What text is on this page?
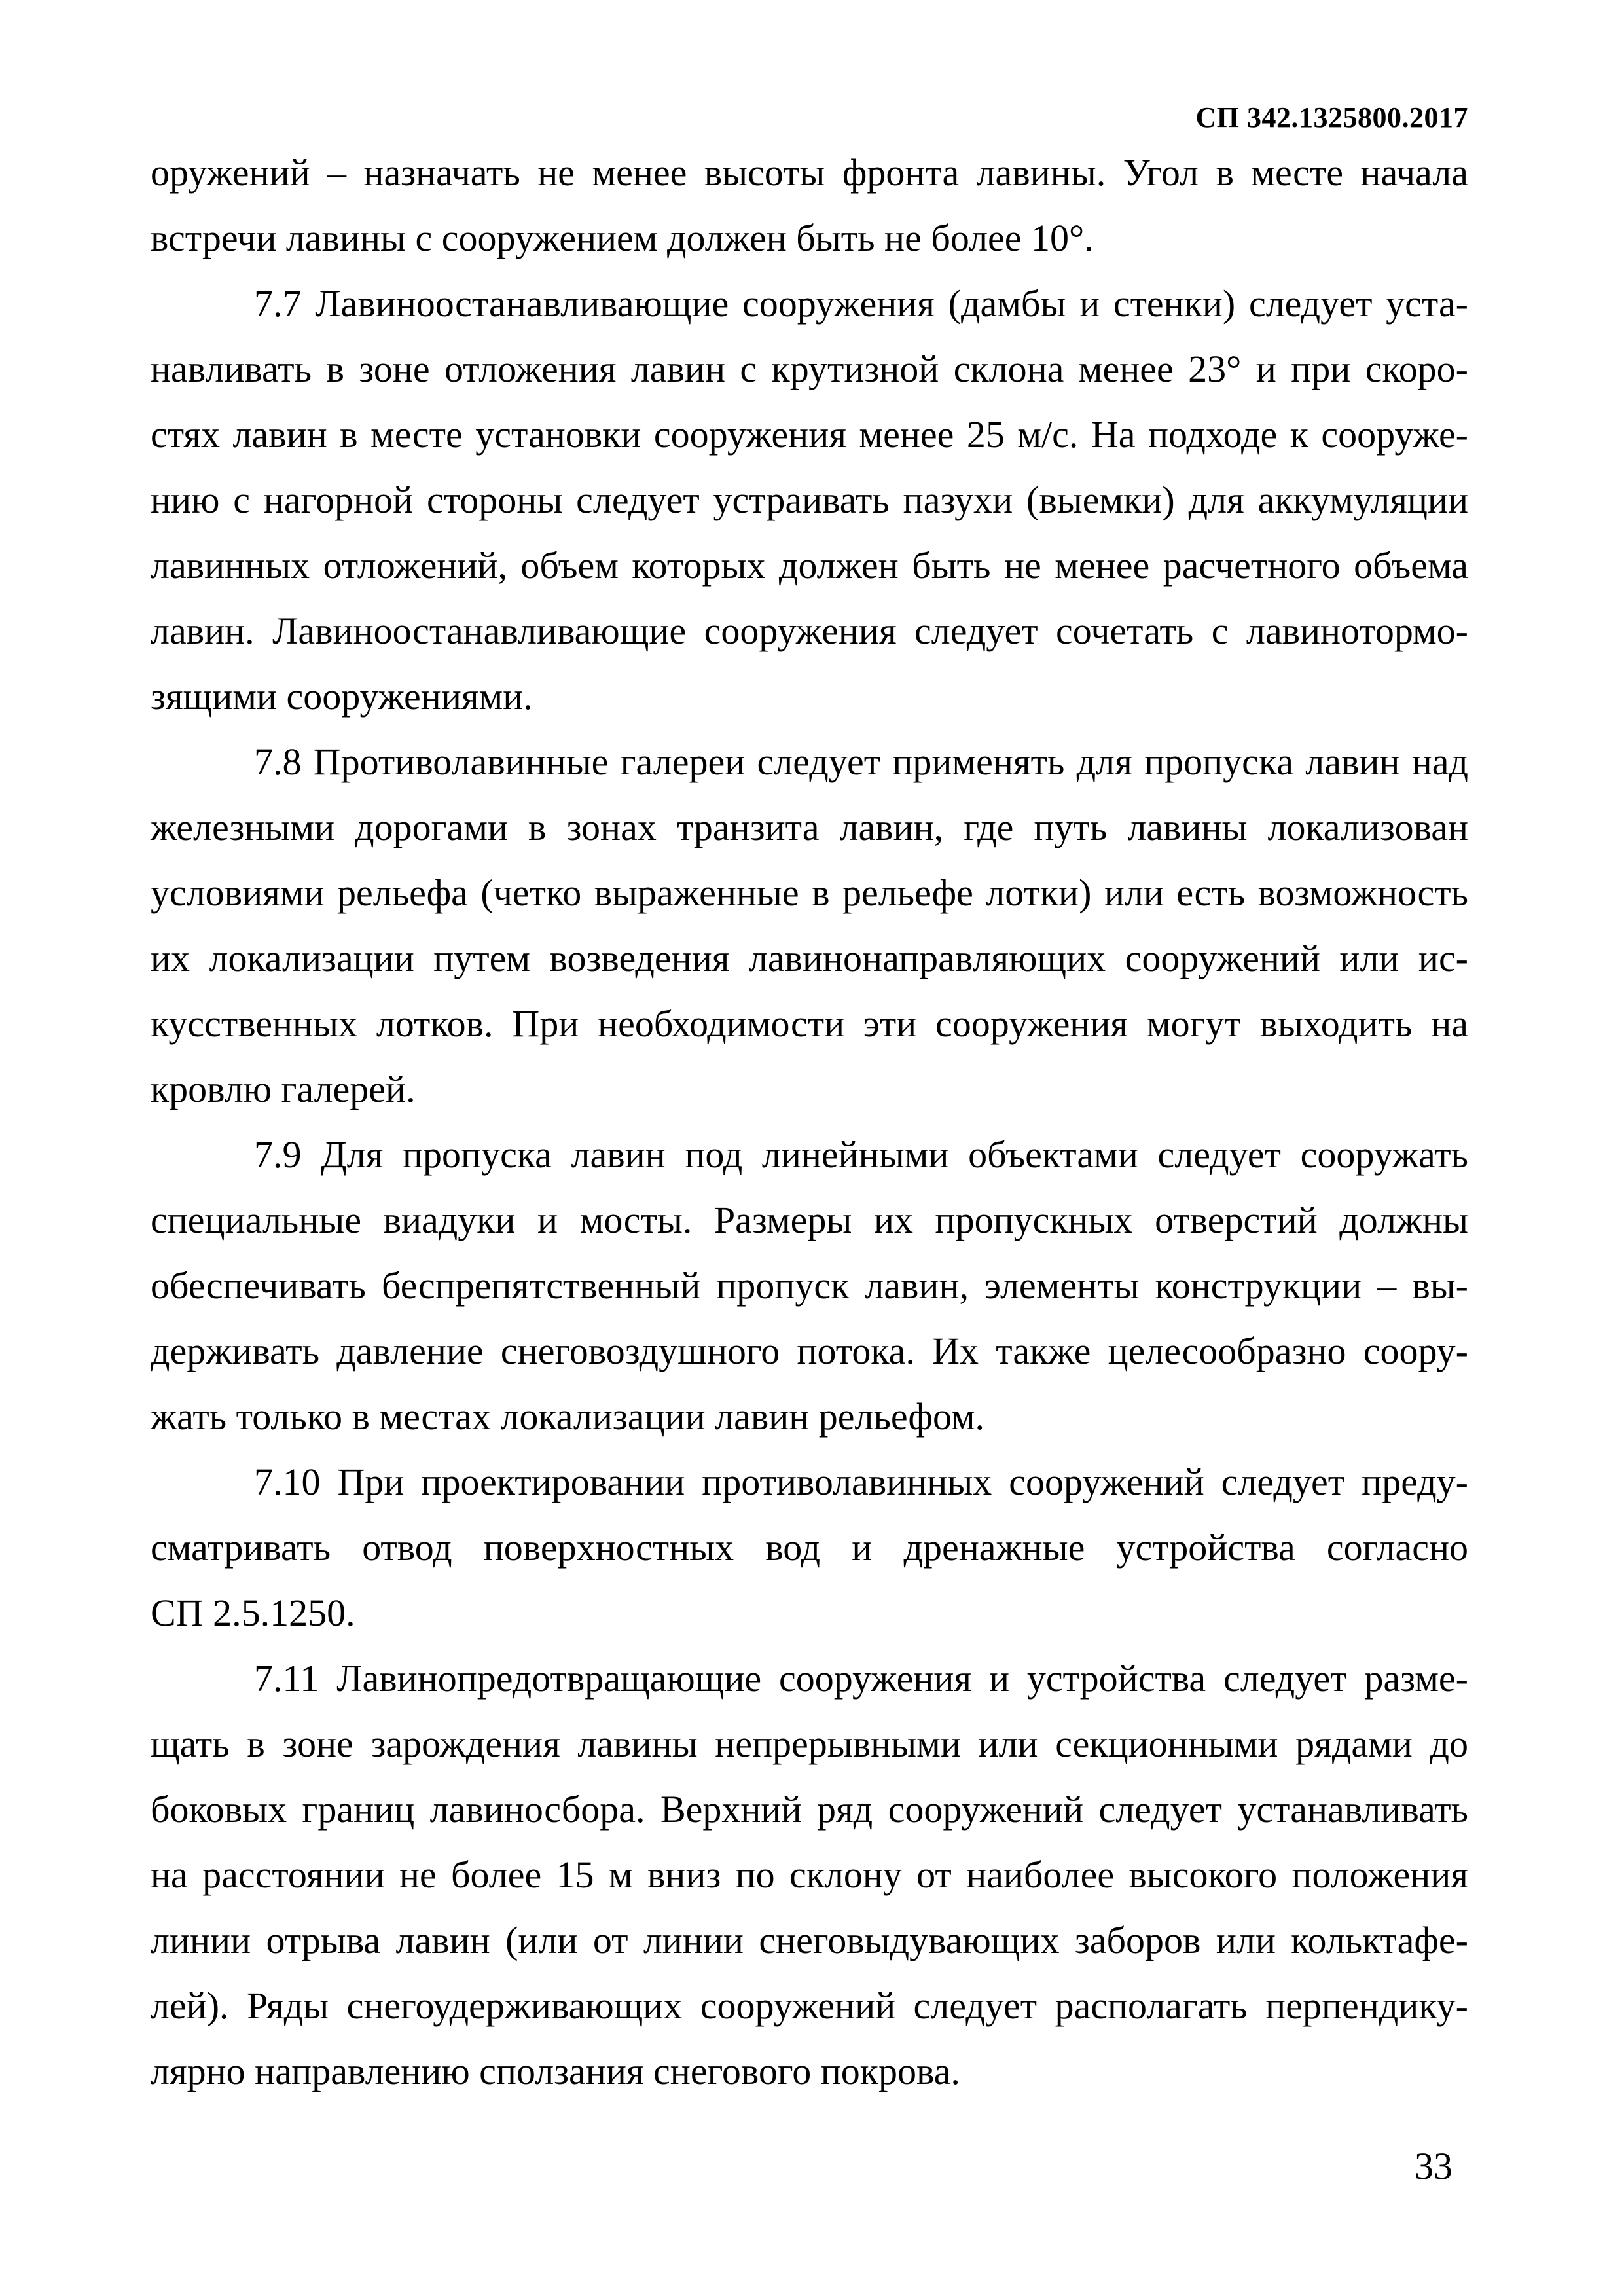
СП 342.1325800.2017
оружений – назначать не менее высоты фронта лавины. Угол в месте начала
встречи лавины с сооружением должен быть не более 10°.
7.7 Лавиноостанавливающие сооружения (дамбы и стенки) следует уста-
навливать в зоне отложения лавин с крутизной склона менее 23° и при скоро-
стях лавин в месте установки сооружения менее 25 м/с. На подходе к сооруже-
нию с нагорной стороны следует устраивать пазухи (выемки) для аккумуляции
лавинных отложений, объем которых должен быть не менее расчетного объема
лавин. Лавиноостанавливающие сооружения следует сочетать с лавинотормо-
зящими сооружениями.
7.8 Противолавинные галереи следует применять для пропуска лавин над
железными дорогами в зонах транзита лавин, где путь лавины локализован
условиями рельефа (четко выраженные в рельефе лотки) или есть возможность
их локализации путем возведения лавинонаправляющих сооружений или ис-
кусственных лотков. При необходимости эти сооружения могут выходить на
кровлю галерей.
7.9 Для пропуска лавин под линейными объектами следует сооружать
специальные виадуки и мосты. Размеры их пропускных отверстий должны
обеспечивать беспрепятственный пропуск лавин, элементы конструкции – вы-
держивать давление снеговоздушного потока. Их также целесообразно соору-
жать только в местах локализации лавин рельефом.
7.10 При проектировании противолавинных сооружений следует преду-
сматривать отвод поверхностных вод и дренажные устройства согласно
СП 2.5.1250.
7.11 Лавинопредотвращающие сооружения и устройства следует разме-
щать в зоне зарождения лавины непрерывными или секционными рядами до
боковых границ лавиносбора. Верхний ряд сооружений следует устанавливать
на расстоянии не более 15 м вниз по склону от наиболее высокого положения
линии отрыва лавин (или от линии снеговыдувающих заборов или кольктафе-
лей). Ряды снегоудерживающих сооружений следует располагать перпендику-
лярно направлению сползания снегового покрова.
33
